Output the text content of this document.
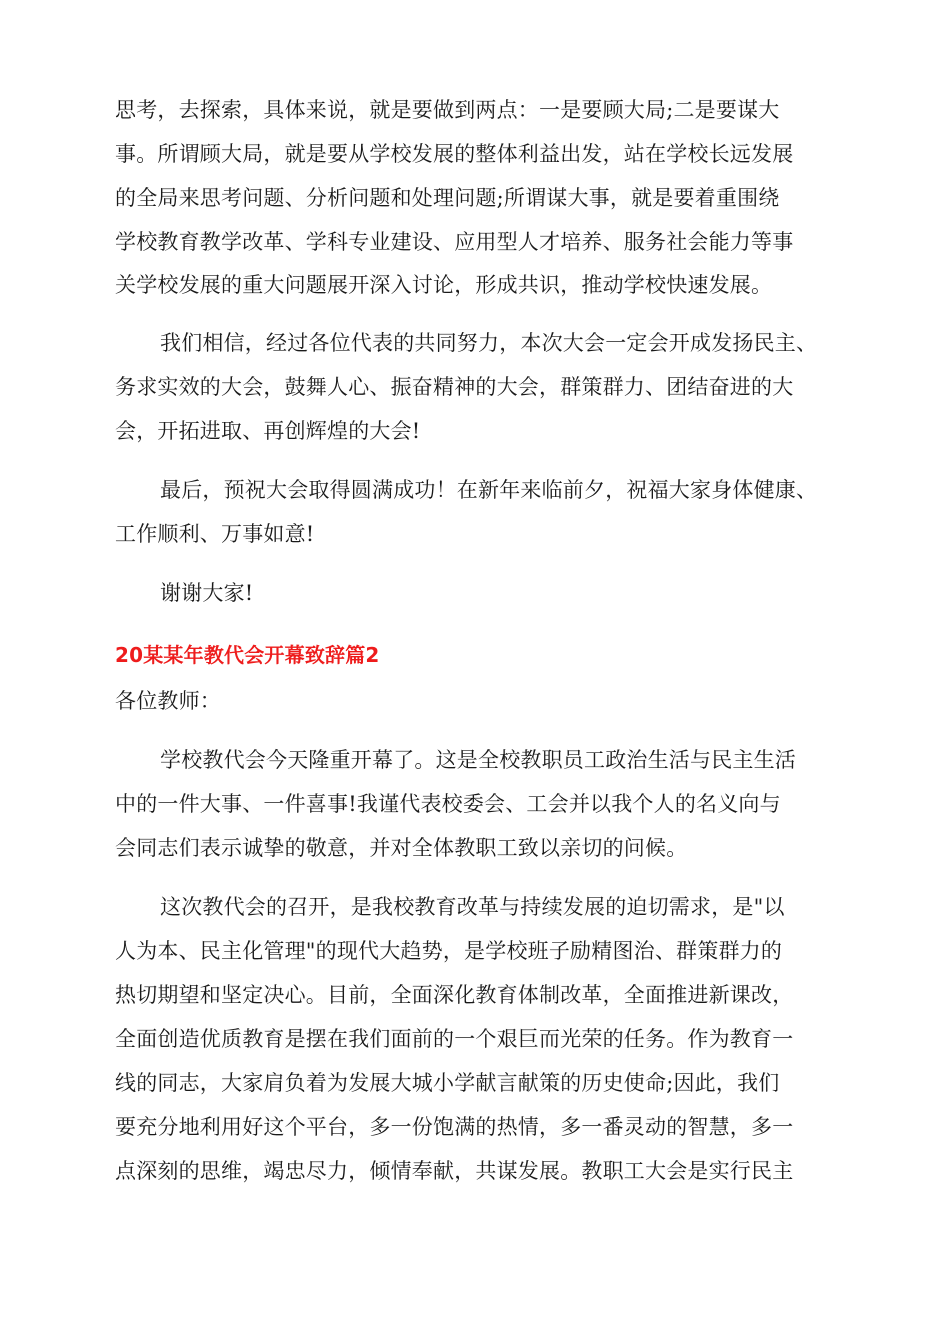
思考，去探索，具体来说，就是要做到两点：一是要顾大局;二是要谋大
事。所谓顾大局，就是要从学校发展的整体利益出发，站在学校长远发展
的全局来思考问题、分析问题和处理问题;所谓谋大事，就是要着重围绕
学校教育教学改革、学科专业建设、应用型人才培养、服务社会能力等事
关学校发展的重大问题展开深入讨论，形成共识，推动学校快速发展。
我们相信，经过各位代表的共同努力，本次大会一定会开成发扬民主、
务求实效的大会，鼓舞人心、振奋精神的大会，群策群力、团结奋进的大
会，开拓进取、再创辉煌的大会!
最后，预祝大会取得圆满成功！在新年来临前夕，祝福大家身体健康、
工作顺利、万事如意!
谢谢大家!
20某某年教代会开幕致辞篇2
各位教师：
学校教代会今天隆重开幕了。这是全校教职员工政治生活与民主生活
中的一件大事、一件喜事!我谨代表校委会、工会并以我个人的名义向与
会同志们表示诚挚的敬意，并对全体教职工致以亲切的问候。
这次教代会的召开，是我校教育改革与持续发展的迫切需求，是"以
人为本、民主化管理"的现代大趋势，是学校班子励精图治、群策群力的
热切期望和坚定决心。目前，全面深化教育体制改革，全面推进新课改，
全面创造优质教育是摆在我们面前的一个艰巨而光荣的任务。作为教育一
线的同志，大家肩负着为发展大城小学献言献策的历史使命;因此，我们
要充分地利用好这个平台，多一份饱满的热情，多一番灵动的智慧，多一
点深刻的思维，竭忠尽力，倾情奉献，共谋发展。教职工大会是实行民主
